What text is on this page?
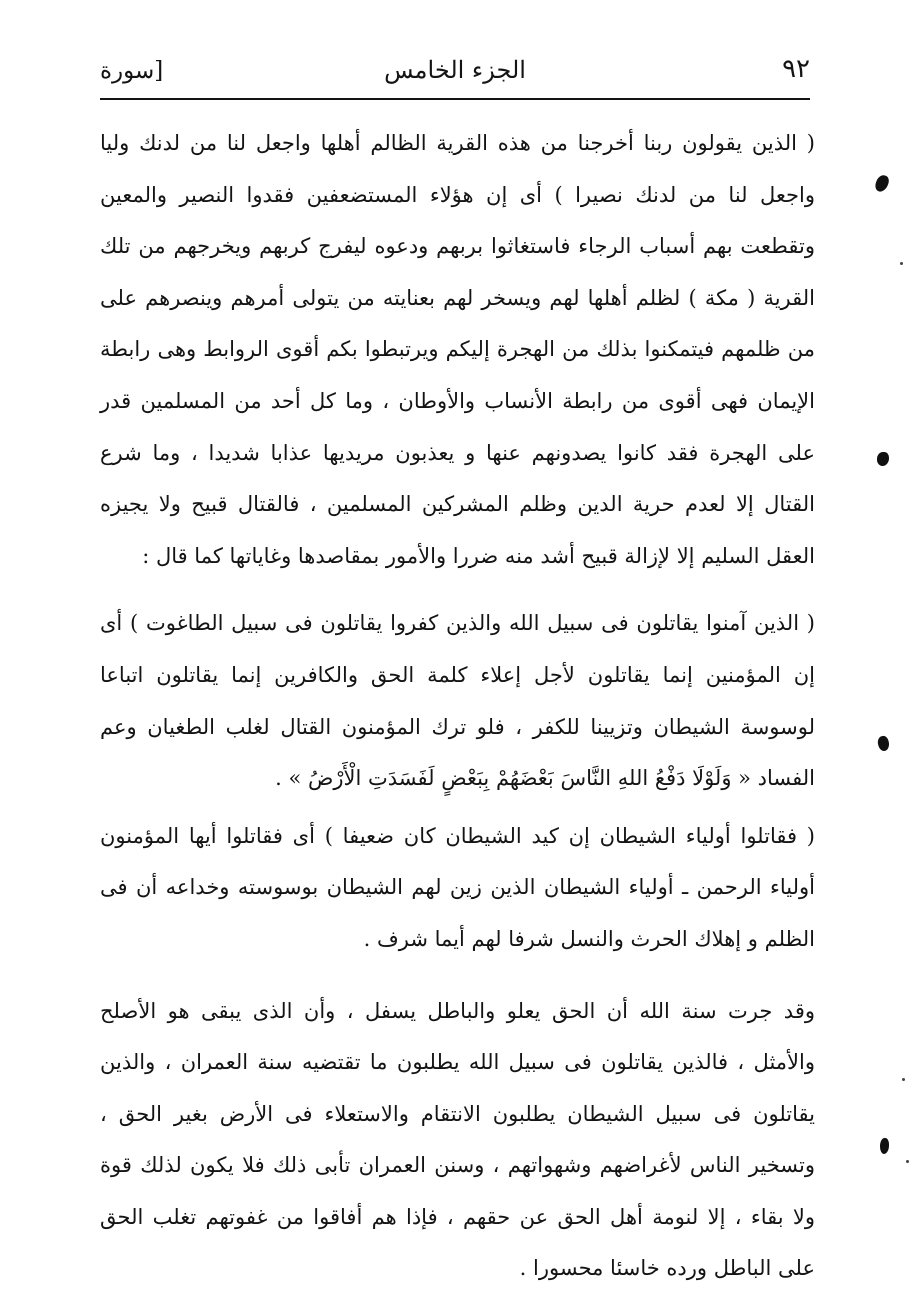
٩٢
الجزء الخامس
[سورة

( الذين يقولون ربنا أخرجنا من هذه القرية الظالم أهلها واجعل لنا من لدنك وليا واجعل لنا من لدنك نصيرا ) أى إن هؤلاء المستضعفين فقدوا النصير والمعين وتقطعت بهم أسباب الرجاء فاستغاثوا بربهم ودعوه ليفرج كربهم ويخرجهم من تلك القرية ( مكة ) لظلم أهلها لهم ويسخر لهم بعنايته من يتولى أمرهم وينصرهم على من ظلمهم فيتمكنوا بذلك من الهجرة إليكم ويرتبطوا بكم أقوى الروابط وهى رابطة الإيمان فهى أقوى من رابطة الأنساب والأوطان ، وما كل أحد من المسلمين قدر على الهجرة فقد كانوا يصدونهم عنها و يعذبون مريديها عذابا شديدا ، وما شرع القتال إلا لعدم حرية الدين وظلم المشركين المسلمين ، فالقتال قبيح ولا يجيزه العقل السليم إلا لإزالة قبيح أشد منه ضررا والأمور بمقاصدها وغاياتها كما قال :

( الذين آمنوا يقاتلون فى سبيل الله والذين كفروا يقاتلون فى سبيل الطاغوت ) أى إن المؤمنين إنما يقاتلون لأجل إعلاء كلمة الحق والكافرين إنما يقاتلون اتباعا لوسوسة الشيطان وتزيينا للكفر ، فلو ترك المؤمنون القتال لغلب الطغيان وعم الفساد « وَلَوْلَا دَفْعُ اللهِ النَّاسَ بَعْضَهُمْ بِبَعْضٍ لَفَسَدَتِ الْأَرْضُ » .

( فقاتلوا أولياء الشيطان إن كيد الشيطان كان ضعيفا ) أى فقاتلوا أيها المؤمنون أولياء الرحمن ـ أولياء الشيطان الذين زين لهم الشيطان بوسوسته وخداعه أن فى الظلم و إهلاك الحرث والنسل شرفا لهم أيما شرف .

وقد جرت سنة الله أن الحق يعلو والباطل يسفل ، وأن الذى يبقى هو الأصلح والأمثل ، فالذين يقاتلون فى سبيل الله يطلبون ما تقتضيه سنة العمران ، والذين يقاتلون فى سبيل الشيطان يطلبون الانتقام والاستعلاء فى الأرض بغير الحق ، وتسخير الناس لأغراضهم وشهواتهم ، وسنن العمران تأبى ذلك فلا يكون لذلك قوة ولا بقاء ، إلا لنومة أهل الحق عن حقهم ، فإذا هم أفاقوا من غفوتهم تغلب الحق على الباطل ورده خاسئا محسورا .
